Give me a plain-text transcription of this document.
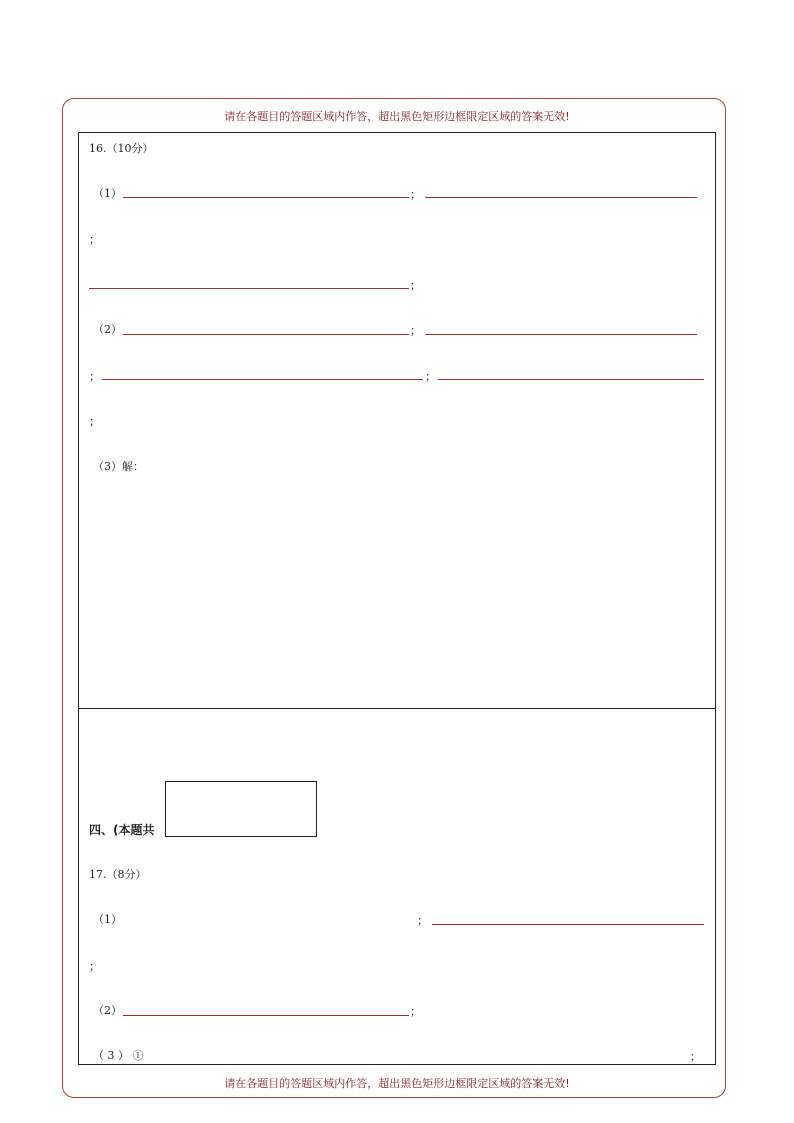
请在各题目的答题区域内作答，超出黑色矩形边框限定区域的答案无效!
请在各题目的答题区域内作答，超出黑色矩形边框限定区域的答案无效!
16.（10分）
（1）	；
；
；
（2）	；
；	；
；
（3）解：
四、(本题共
17.（8分）
（1）	；
；
（2）	；
（ 3 ） ①	；
